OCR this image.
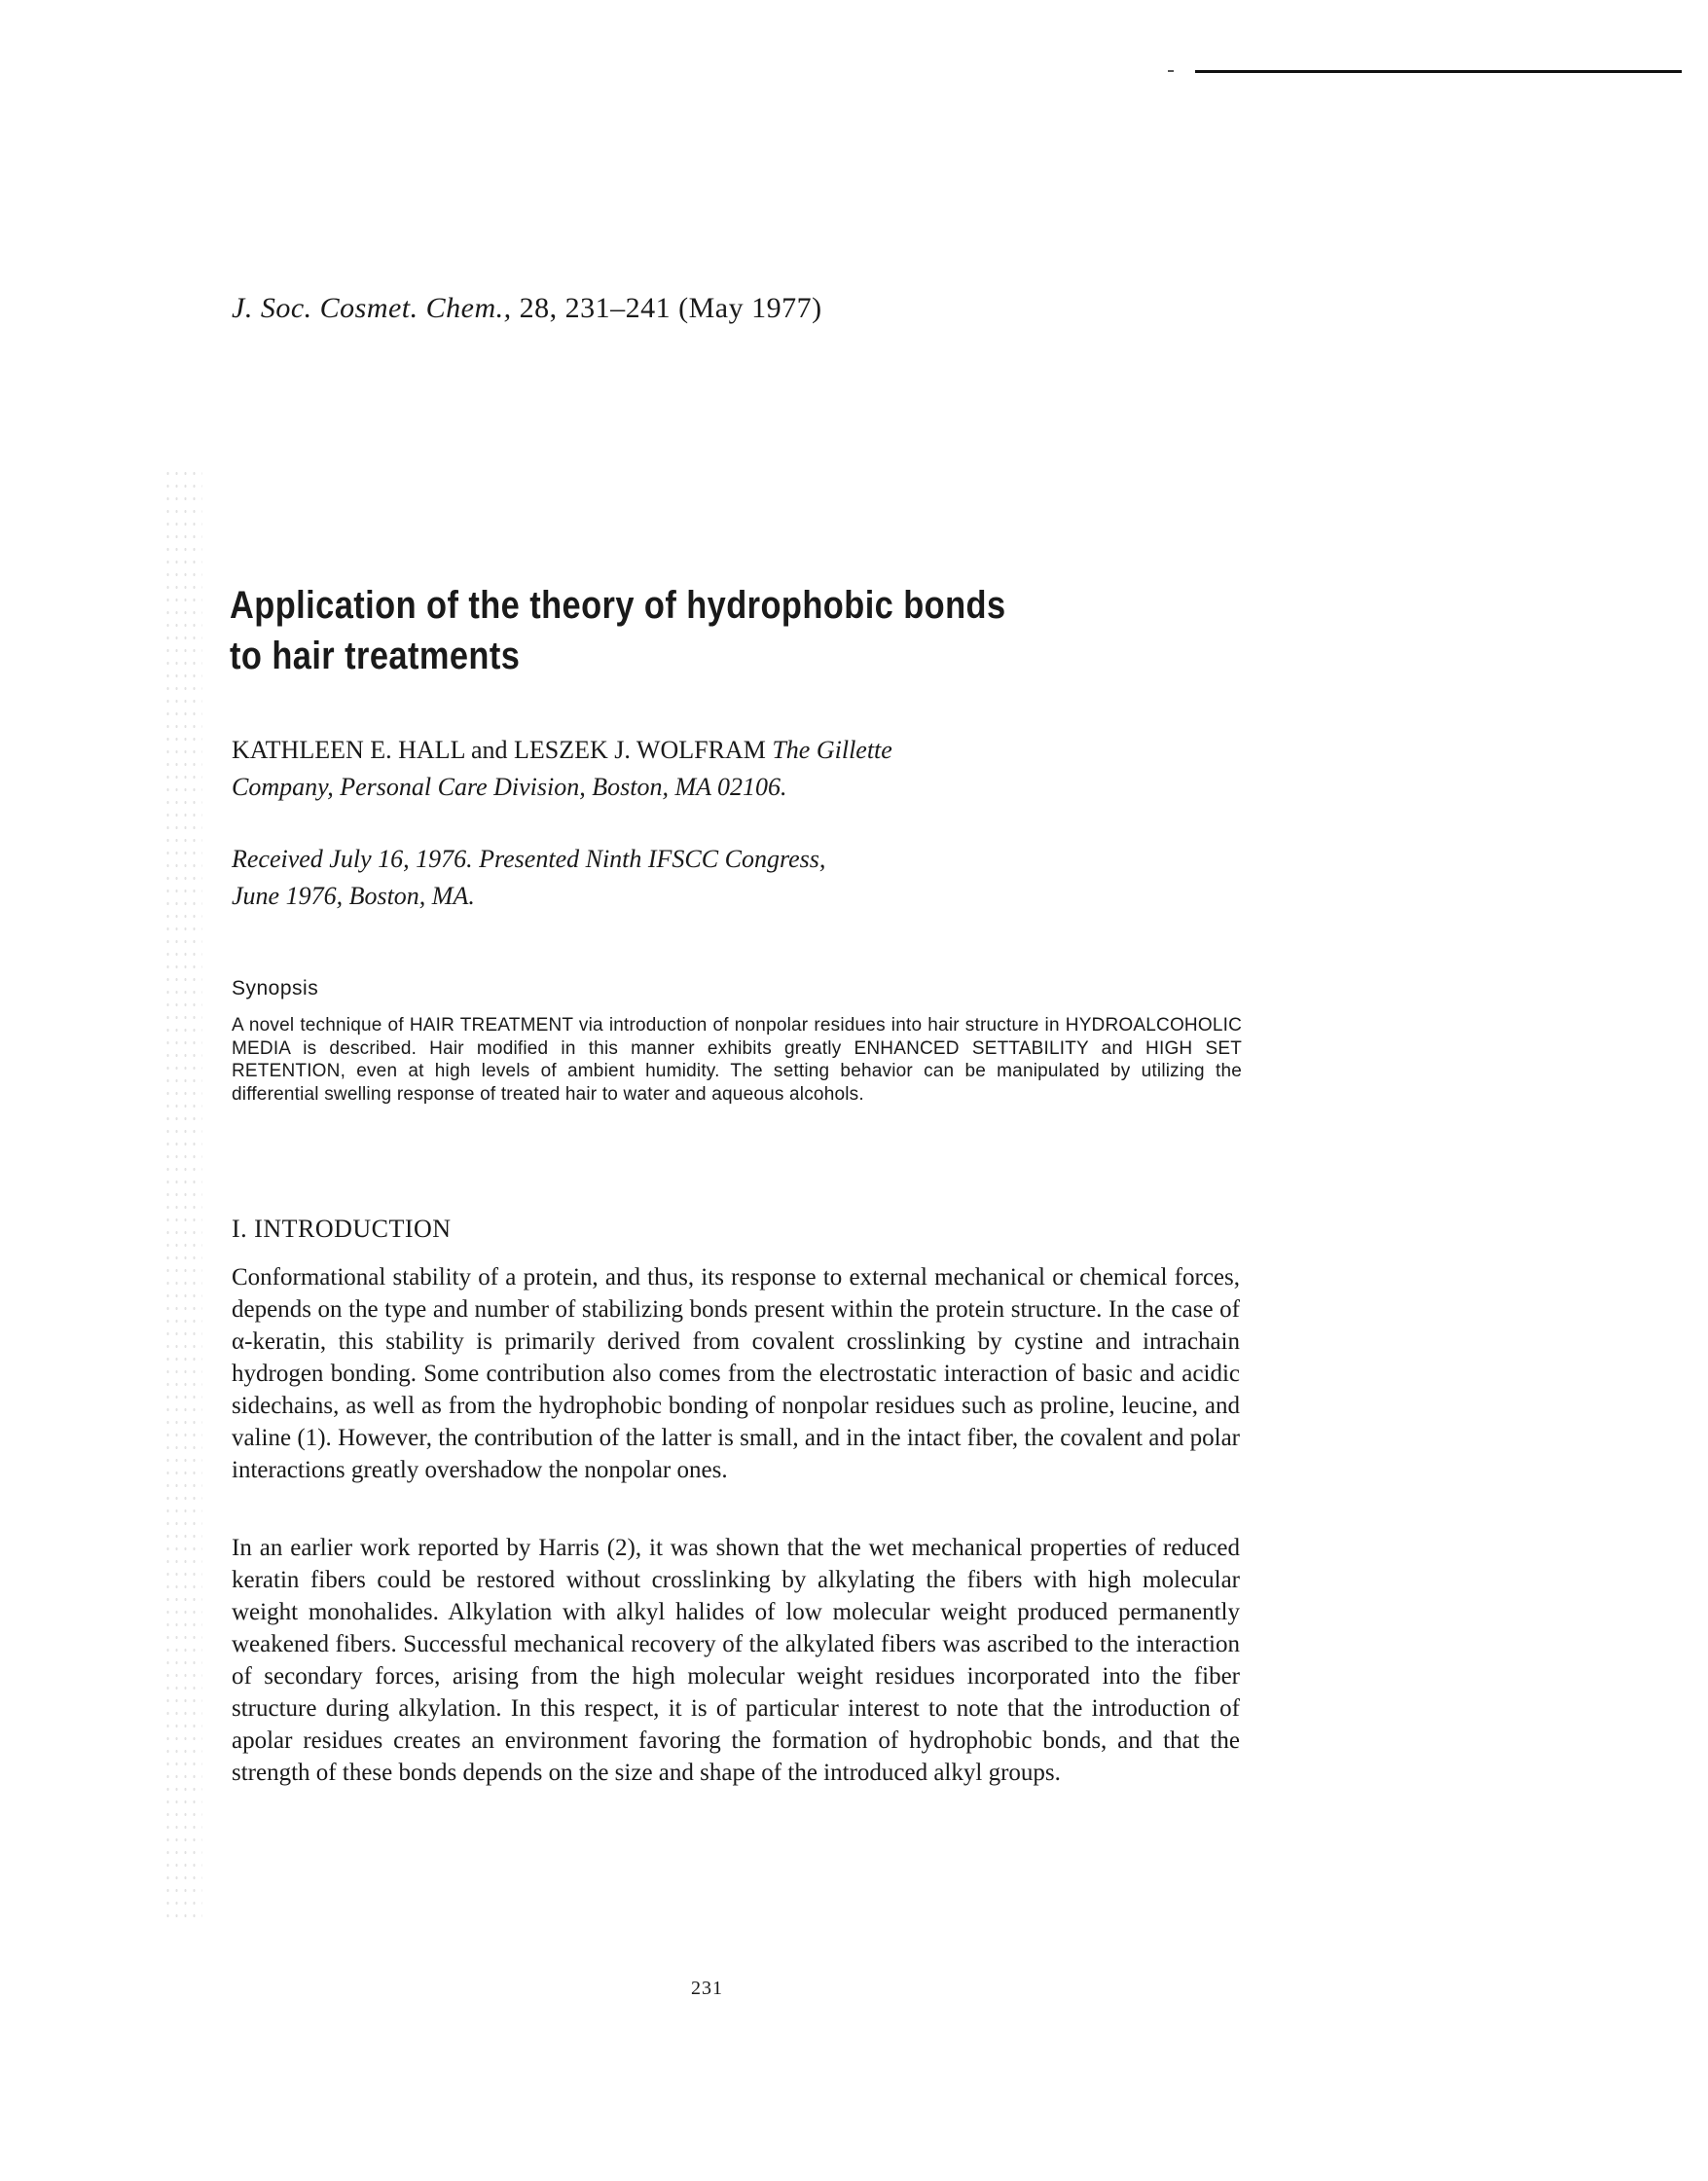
J. Soc. Cosmet. Chem., 28, 231–241 (May 1977)
Application of the theory of hydrophobic bonds
to hair treatments
KATHLEEN E. HALL and LESZEK J. WOLFRAM The Gillette Company, Personal Care Division, Boston, MA 02106.
Received July 16, 1976. Presented Ninth IFSCC Congress, June 1976, Boston, MA.
Synopsis
A novel technique of HAIR TREATMENT via introduction of nonpolar residues into hair structure in HYDROALCOHOLIC MEDIA is described. Hair modified in this manner exhibits greatly ENHANCED SETTABILITY and HIGH SET RETENTION, even at high levels of ambient humidity. The setting behavior can be manipulated by utilizing the differential swelling response of treated hair to water and aqueous alcohols.
I. INTRODUCTION

Conformational stability of a protein, and thus, its response to external mechanical or chemical forces, depends on the type and number of stabilizing bonds present within the protein structure. In the case of α-keratin, this stability is primarily derived from covalent crosslinking by cystine and intrachain hydrogen bonding. Some contribution also comes from the electrostatic interaction of basic and acidic sidechains, as well as from the hydrophobic bonding of nonpolar residues such as proline, leucine, and valine (1). However, the contribution of the latter is small, and in the intact fiber, the covalent and polar interactions greatly overshadow the nonpolar ones.

In an earlier work reported by Harris (2), it was shown that the wet mechanical properties of reduced keratin fibers could be restored without crosslinking by alkylating the fibers with high molecular weight monohalides. Alkylation with alkyl halides of low molecular weight produced permanently weakened fibers. Successful mechanical recovery of the alkylated fibers was ascribed to the interaction of secondary forces, arising from the high molecular weight residues incorporated into the fiber structure during alkylation. In this respect, it is of particular interest to note that the introduction of apolar residues creates an environment favoring the formation of hydrophobic bonds, and that the strength of these bonds depends on the size and shape of the introduced alkyl groups.

231
